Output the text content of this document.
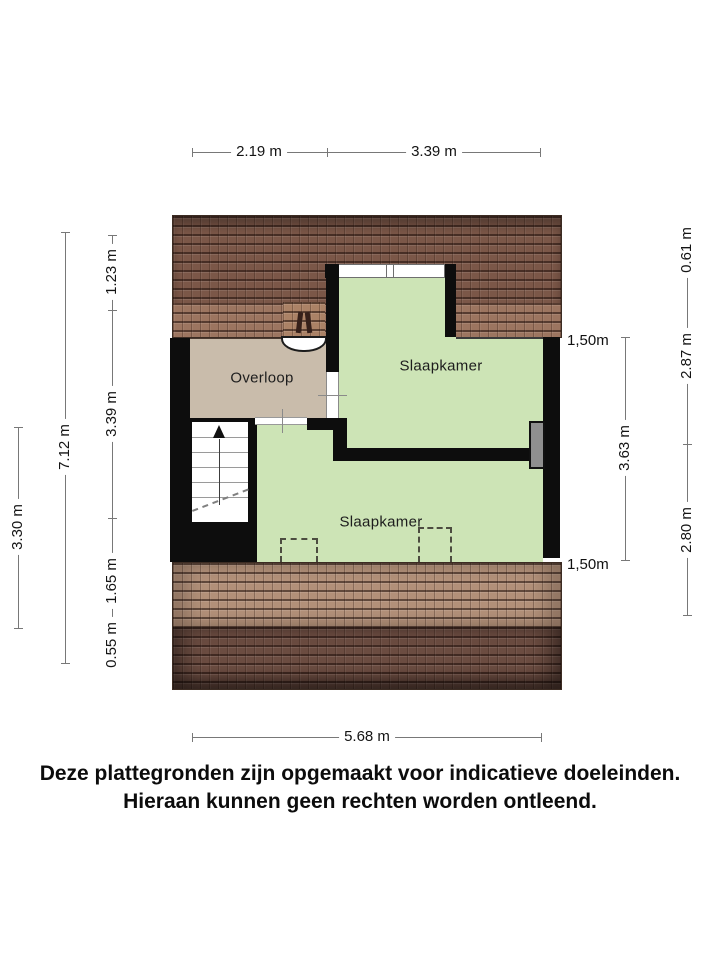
Overloop
Slaapkamer
Slaapkamer
1,50m
1,50m
2.19 m	3.39 m
5.68 m
3.30 m
7.12 m
1.23 m
3.39 m
1.65 m
0.55 m
3.63 m
0.61 m
2.87 m
2.80 m
Deze plattegronden zijn opgemaakt voor indicatieve doeleinden.
Hieraan kunnen geen rechten worden ontleend.
